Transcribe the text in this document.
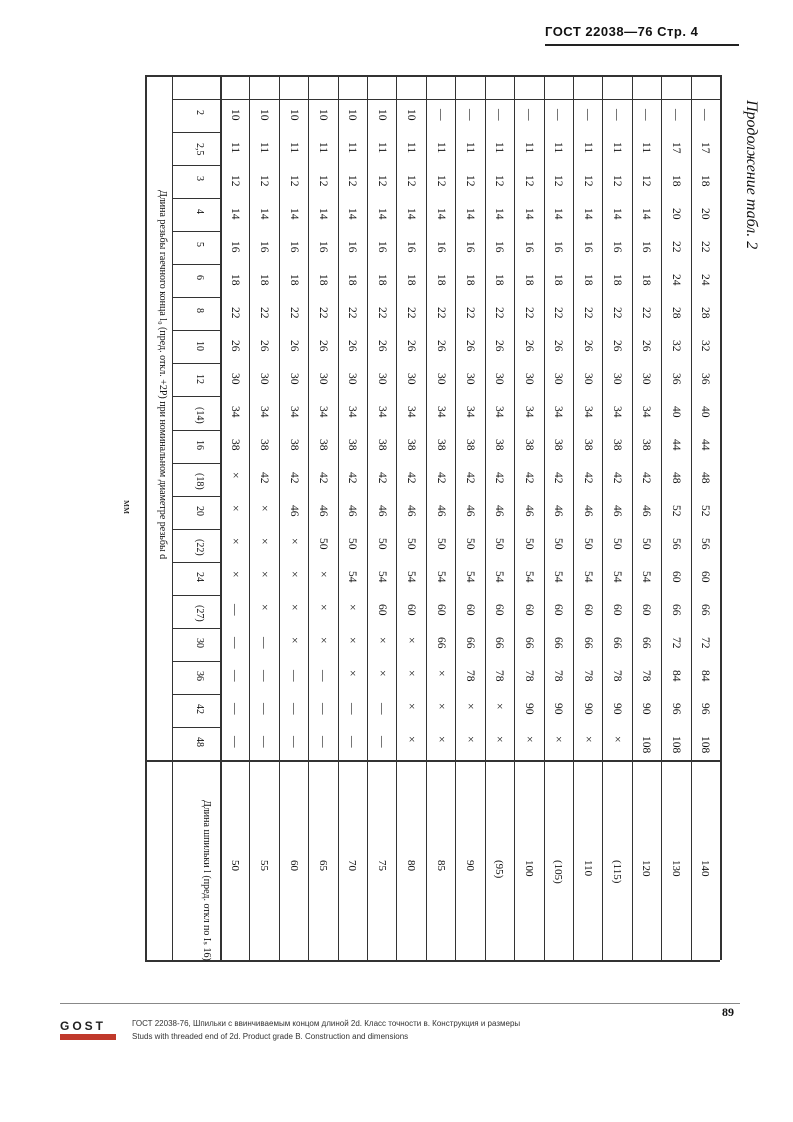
ГОСТ 22038—76 Стр. 4
Продолжение табл. 2
мм Длина резьбы гаечного конца l₀ (пред. откл. +2P) при номинальном диаметре резьбы d
Длина шпильки l (пред. откл по Iₛ 16)
2
2,5
3
4
5
6
8
10
12
(14)
16
(18)
20
(22)
24
(27)
30
36
42
48
50
10
11
12
14
16
18
22
26
30
34
38
×
×
×
×
—
—
—
—
—
55
10
11
12
14
16
18
22
26
30
34
38
42
×
×
×
×
—
—
—
—
60
10
11
12
14
16
18
22
26
30
34
38
42
46
×
×
×
×
—
—
—
65
10
11
12
14
16
18
22
26
30
34
38
42
46
50
×
×
×
—
—
—
70
10
11
12
14
16
18
22
26
30
34
38
42
46
50
54
×
×
×
—
—
75
10
11
12
14
16
18
22
26
30
34
38
42
46
50
54
60
×
×
—
—
80
10
11
12
14
16
18
22
26
30
34
38
42
46
50
54
60
×
×
×
×
85
—
11
12
14
16
18
22
26
30
34
38
42
46
50
54
60
66
×
×
×
90
—
11
12
14
16
18
22
26
30
34
38
42
46
50
54
60
66
78
×
×
(95)
—
11
12
14
16
18
22
26
30
34
38
42
46
50
54
60
66
78
×
×
100
—
11
12
14
16
18
22
26
30
34
38
42
46
50
54
60
66
78
90
×
(105)
—
11
12
14
16
18
22
26
30
34
38
42
46
50
54
60
66
78
90
×
110
—
11
12
14
16
18
22
26
30
34
38
42
46
50
54
60
66
78
90
×
(115)
—
11
12
14
16
18
22
26
30
34
38
42
46
50
54
60
66
78
90
×
120
—
11
12
14
16
18
22
26
30
34
38
42
46
50
54
60
66
78
90
108
130
—
17
18
20
22
24
28
32
36
40
44
48
52
56
60
66
72
84
96
108
140
—
17
18
20
22
24
28
32
36
40
44
48
52
56
60
66
72
84
96
108
89
GOST	ГОСТ 22038-76, Шпильки с ввинчиваемым концом длиной 2d. Класс точности в. Конструкция и размеры
Studs with threaded end of 2d. Product grade B. Construction and dimensions
